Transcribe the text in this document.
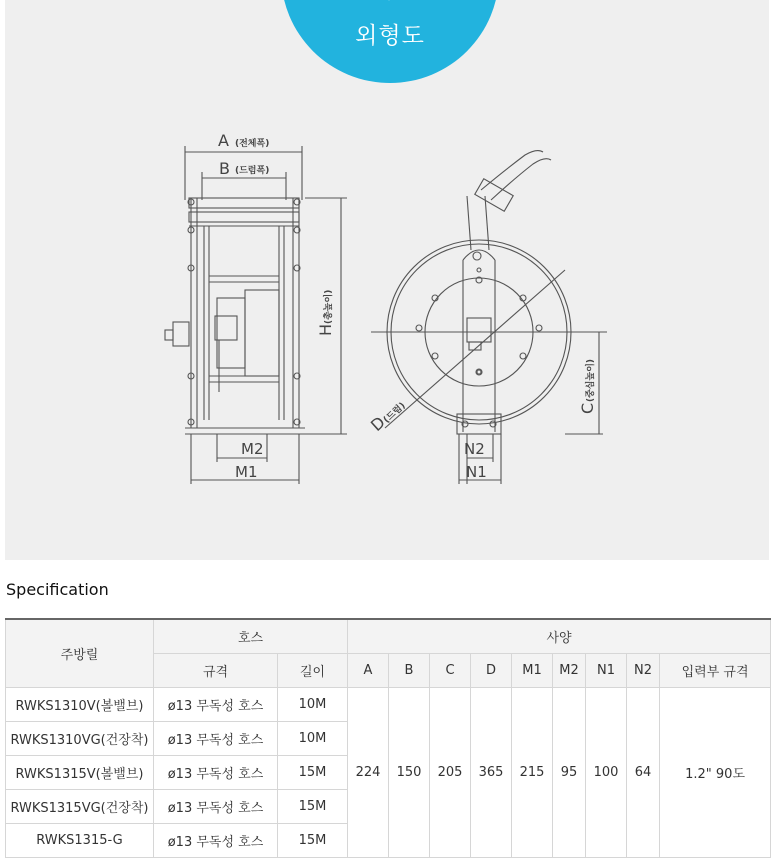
외형도
A (전체폭)
B (드럼폭)
M2
M1
N2
N1
H
(총높이)
C
(중심높이)
D
(드럼)
Specification
주방릴	호스		사양								
	규격	길이	A	B	C	D	M1	M2	N1	N2	입력부 규격
RWKS1310V(볼밸브)	ø13 무독성 호스	10M	224	150	205	365	215	95	100	64	1.2" 90도
RWKS1310VG(건장착)	ø13 무독성 호스	10M									
RWKS1315V(볼밸브)	ø13 무독성 호스	15M									
RWKS1315VG(건장착)	ø13 무독성 호스	15M									
RWKS1315-G	ø13 무독성 호스	15M									
